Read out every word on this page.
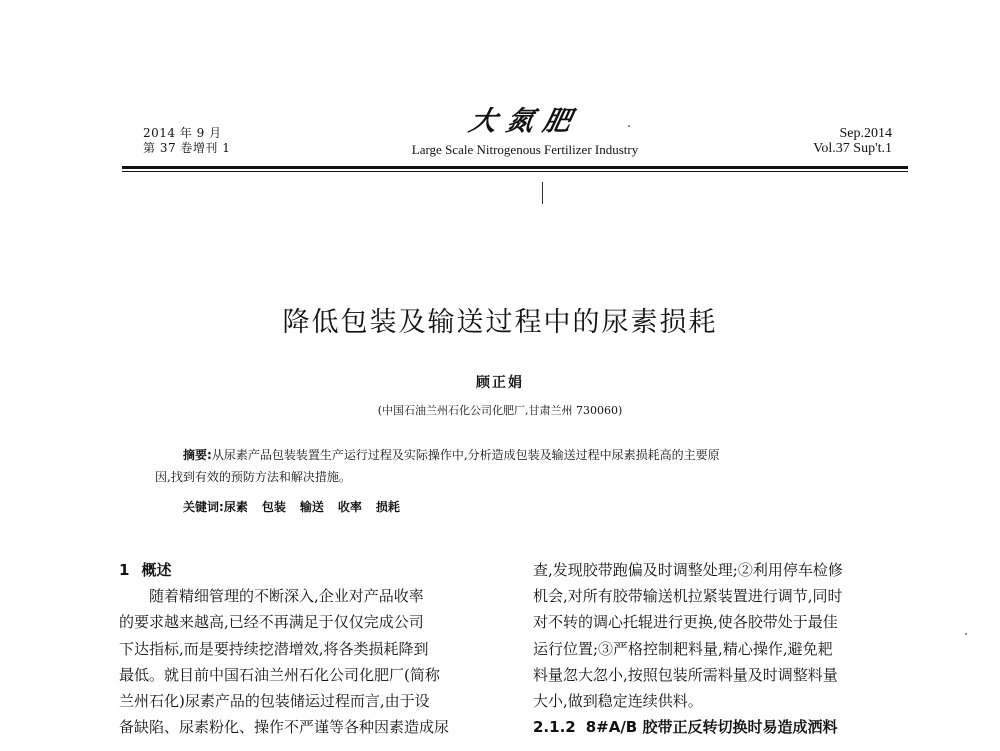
2014 年 9 月
第 37 卷增刊 1
大氮肥
Large Scale Nitrogenous Fertilizer Industry
Sep.2014
Vol.37 Sup't.1
降低包装及输送过程中的尿素损耗
顾正娟
(中国石油兰州石化公司化肥厂,甘肃兰州 730060)

摘要:从尿素产品包装装置生产运行过程及实际操作中,分析造成包装及输送过程中尿素损耗高的主要原

因,找到有效的预防方法和解决措施。

关键词:尿素 包装 输送 收率 损耗

1 概述

随着精细管理的不断深入,企业对产品收率

的要求越来越高,已经不再满足于仅仅完成公司

下达指标,而是要持续挖潜增效,将各类损耗降到

最低。就目前中国石油兰州石化公司化肥厂(简称

兰州石化)尿素产品的包装储运过程而言,由于设

备缺陷、尿素粉化、操作不严谨等各种因素造成尿

查,发现胶带跑偏及时调整处理;②利用停车检修

机会,对所有胶带输送机拉紧装置进行调节,同时

对不转的调心托辊进行更换,使各胶带处于最佳

运行位置;③严格控制耙料量,精心操作,避免耙

料量忽大忽小,按照包装所需料量及时调整料量

大小,做到稳定连续供料。

2.1.2 8#A/B 胶带正反转切换时易造成洒料
